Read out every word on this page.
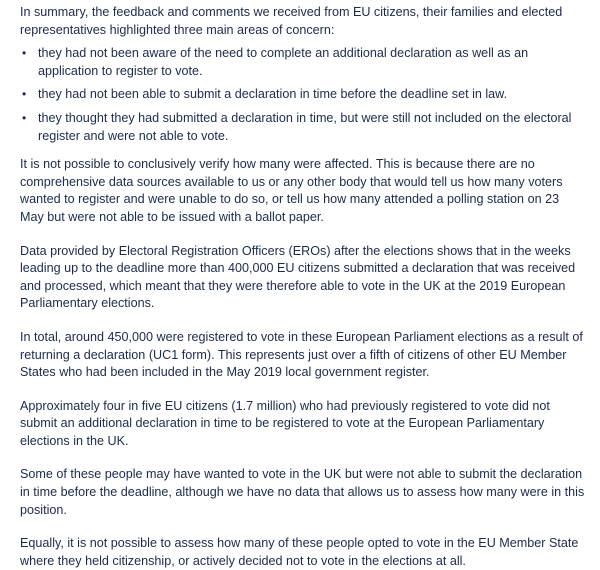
In summary, the feedback and comments we received from EU citizens, their families and elected representatives highlighted three main areas of concern:

• they had not been aware of the need to complete an additional declaration as well as an application to register to vote.
• they had not been able to submit a declaration in time before the deadline set in law.
• they thought they had submitted a declaration in time, but were still not included on the electoral register and were not able to vote.

It is not possible to conclusively verify how many were affected. This is because there are no comprehensive data sources available to us or any other body that would tell us how many voters wanted to register and were unable to do so, or tell us how many attended a polling station on 23 May but were not able to be issued with a ballot paper.

Data provided by Electoral Registration Officers (EROs) after the elections shows that in the weeks leading up to the deadline more than 400,000 EU citizens submitted a declaration that was received and processed, which meant that they were therefore able to vote in the UK at the 2019 European Parliamentary elections.

In total, around 450,000 were registered to vote in these European Parliament elections as a result of returning a declaration (UC1 form). This represents just over a fifth of citizens of other EU Member States who had been included in the May 2019 local government register.

Approximately four in five EU citizens (1.7 million) who had previously registered to vote did not submit an additional declaration in time to be registered to vote at the European Parliamentary elections in the UK.

Some of these people may have wanted to vote in the UK but were not able to submit the declaration in time before the deadline, although we have no data that allows us to assess how many were in this position.

Equally, it is not possible to assess how many of these people opted to vote in the EU Member State where they held citizenship, or actively decided not to vote in the elections at all.
